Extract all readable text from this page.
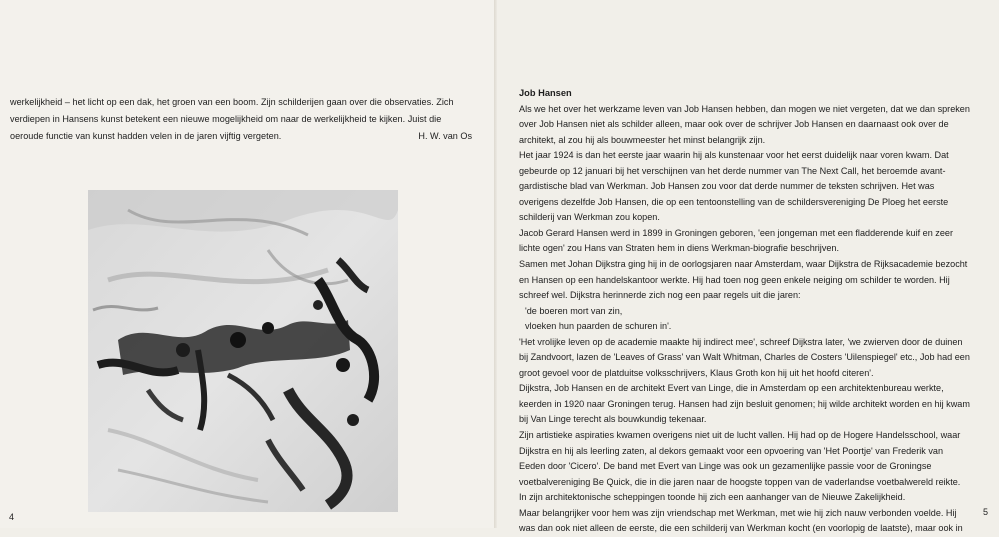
werkelijkheid – het licht op een dak, het groen van een boom. Zijn schilderijen gaan over die observaties. Zich

verdiepen in Hansens kunst betekent een nieuwe mogelijkheid om naar de werkelijkheid te kijken. Juist die

oeroude functie van kunst hadden velen in de jaren vijftig vergeten.	H. W. van Os
4
Job Hansen

Als we het over het werkzame leven van Job Hansen hebben, dan mogen we niet vergeten, dat we dan spreken

over Job Hansen niet als schilder alleen, maar ook over de schrijver Job Hansen en daarnaast ook over de

architekt, al zou hij als bouwmeester het minst belangrijk zijn.

Het jaar 1924 is dan het eerste jaar waarin hij als kunstenaar voor het eerst duidelijk naar voren kwam. Dat

gebeurde op 12 januari bij het verschijnen van het derde nummer van The Next Call, het beroemde avant-

gardistische blad van Werkman. Job Hansen zou voor dat derde nummer de teksten schrijven. Het was

overigens dezelfde Job Hansen, die op een tentoonstelling van de schildersvereniging De Ploeg het eerste

schilderij van Werkman zou kopen.

Jacob Gerard Hansen werd in 1899 in Groningen geboren, 'een jongeman met een fladderende kuif en zeer

lichte ogen' zou Hans van Straten hem in diens Werkman-biografie beschrijven.

Samen met Johan Dijkstra ging hij in de oorlogsjaren naar Amsterdam, waar Dijkstra de Rijksacademie bezocht

en Hansen op een handelskantoor werkte. Hij had toen nog geen enkele neiging om schilder te worden. Hij

schreef wel. Dijkstra herinnerde zich nog een paar regels uit die jaren:

'de boeren mort van zin,

vloeken hun paarden de schuren in'.

'Het vrolijke leven op de academie maakte hij indirect mee', schreef Dijkstra later, 'we zwierven door de duinen

bij Zandvoort, lazen de 'Leaves of Grass' van Walt Whitman, Charles de Costers 'Uilenspiegel' etc., Job had een

groot gevoel voor de platduitse volksschrijvers, Klaus Groth kon hij uit het hoofd citeren'.

Dijkstra, Job Hansen en de architekt Evert van Linge, die in Amsterdam op een architektenbureau werkte,

keerden in 1920 naar Groningen terug. Hansen had zijn besluit genomen; hij wilde architekt worden en hij kwam

bij Van Linge terecht als bouwkundig tekenaar.

Zijn artistieke aspiraties kwamen overigens niet uit de lucht vallen. Hij had op de Hogere Handelsschool, waar

Dijkstra en hij als leerling zaten, al dekors gemaakt voor een opvoering van 'Het Poortje' van Frederik van

Eeden door 'Cicero'. De band met Evert van Linge was ook un gezamenlijke passie voor de Groningse

voetbalvereniging Be Quick, die in die jaren naar de hoogste toppen van de vaderlandse voetbalwereld reikte.

In zijn architektonische scheppingen toonde hij zich een aanhanger van de Nieuwe Zakelijkheid.

Maar belangrijker voor hem was zijn vriendschap met Werkman, met wie hij zich nauw verbonden voelde. Hij

was dan ook niet alleen de eerste, die een schilderij van Werkman kocht (en voorlopig de laatste), maar ook in

5
